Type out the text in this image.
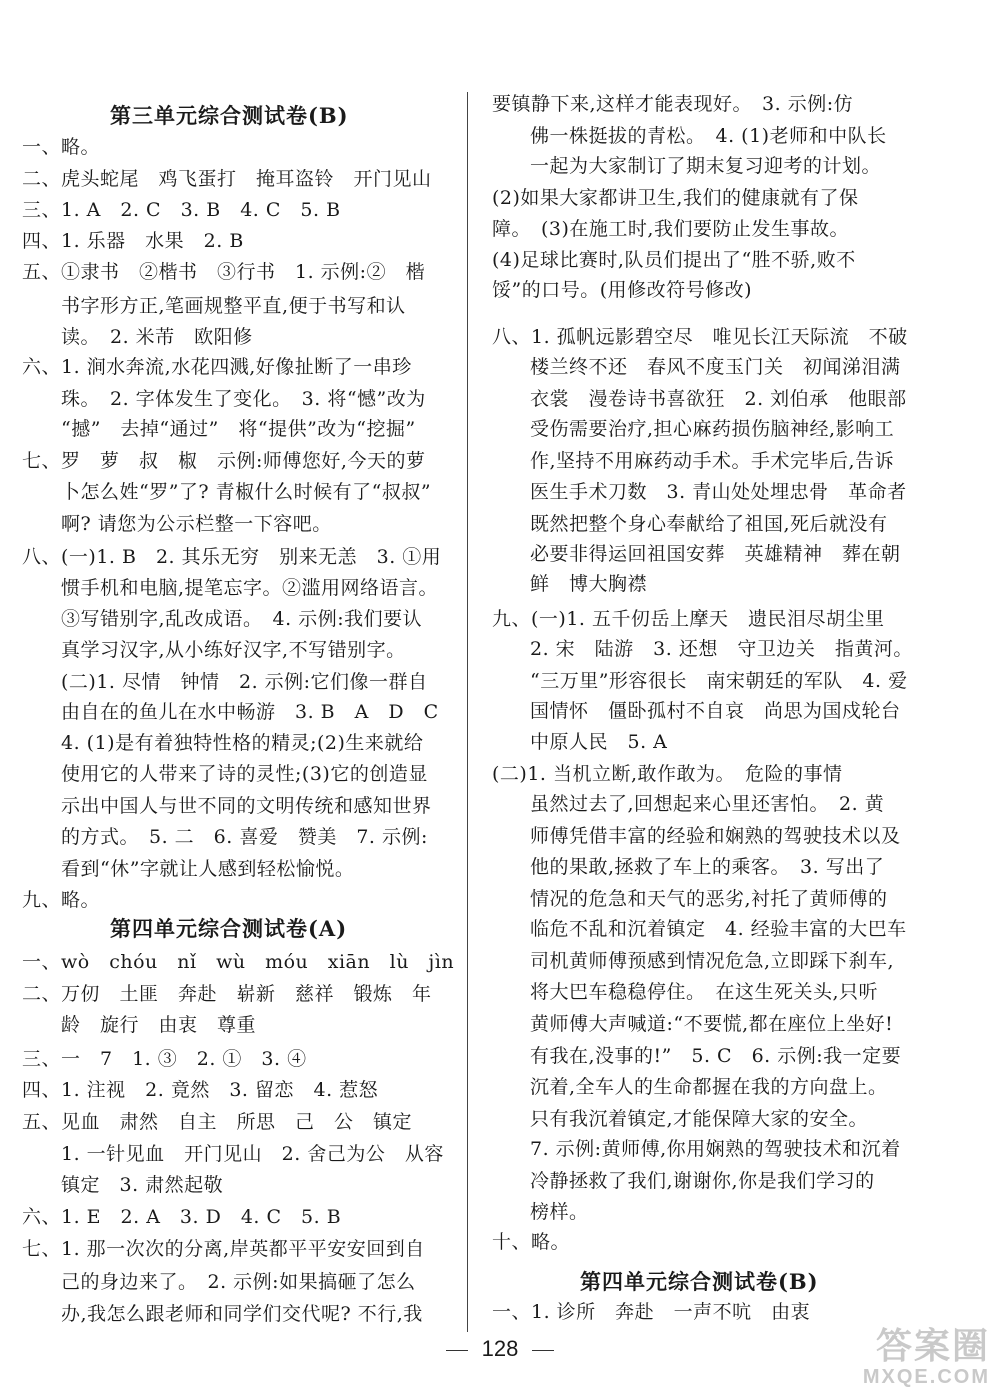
第三单元综合测试卷(B)
一、略。
二、虎头蛇尾　鸡飞蛋打　掩耳盗铃　开门见山
三、1. A　2. C　3. B　4. C　5. B
四、1. 乐器　水果　2. B
五、①隶书　②楷书　③行书　1. 示例:②　楷
　　书字形方正,笔画规整平直,便于书写和认
　　读。　2. 米芾　欧阳修
六、1. 涧水奔流,水花四溅,好像扯断了一串珍
　　珠。　2. 字体发生了变化。　3. 将“憾”改为
　　“撼”　去掉“通过”　将“提供”改为“挖掘”
七、罗　萝　叔　椒　示例:师傅您好,今天的萝
　　卜怎么姓“罗”了? 青椒什么时候有了“叔叔”
　　啊? 请您为公示栏整一下容吧。
八、(一)1. B　2. 其乐无穷　别来无恙　3. ①用
　　惯手机和电脑,提笔忘字。②滥用网络语言。
　　③写错别字,乱改成语。　4. 示例:我们要认
　　真学习汉字,从小练好汉字,不写错别字。
　　(二)1. 尽情　钟情　2. 示例:它们像一群自
　　由自在的鱼儿在水中畅游　3. B　A　D　C
　　4. (1)是有着独特性格的精灵;(2)生来就给
　　使用它的人带来了诗的灵性;(3)它的创造显
　　示出中国人与世不同的文明传统和感知世界
　　的方式。　5. 二　6. 喜爱　赞美　7. 示例:
　　看到“休”字就让人感到轻松愉悦。
九、略。
第四单元综合测试卷(A)
一、wò　chóu　nǐ　wù　móu　xiān　lù　jìn
二、万仞　土匪　奔赴　崭新　慈祥　锻炼　年
　　龄　旋行　由衷　尊重
三、一　7　1. ③　2. ①　3. ④
四、1. 注视　2. 竟然　3. 留恋　4. 惹怒
五、见血　肃然　自主　所思　己　公　镇定
　　1. 一针见血　开门见山　2. 舍己为公　从容
　　镇定　3. 肃然起敬
六、1. E　2. A　3. D　4. C　5. B
七、1. 那一次次的分离,岸英都平平安安回到自
　　己的身边来了。　2. 示例:如果搞砸了怎么
　　办,我怎么跟老师和同学们交代呢? 不行,我
要镇静下来,这样才能表现好。　3. 示例:仿
佛一株挺拔的青松。　4. (1)老师和中队长
一起为大家制订了期末复习迎考的计划。
(2)如果大家都讲卫生,我们的健康就有了保
障。　(3)在施工时,我们要防止发生事故。
(4)足球比赛时,队员们提出了“胜不骄,败不
馁”的口号。(用修改符号修改)
八、1. 孤帆远影碧空尽　唯见长江天际流　不破
楼兰终不还　春风不度玉门关　初闻涕泪满
衣裳　漫卷诗书喜欲狂　2. 刘伯承　他眼部
受伤需要治疗,担心麻药损伤脑神经,影响工
作,坚持不用麻药动手术。手术完毕后,告诉
医生手术刀数　3. 青山处处埋忠骨　革命者
既然把整个身心奉献给了祖国,死后就没有
必要非得运回祖国安葬　英雄精神　葬在朝
鲜　博大胸襟
九、(一)1. 五千仞岳上摩天　遗民泪尽胡尘里
2. 宋　陆游　3. 还想　守卫边关　指黄河。
“三万里”形容很长　南宋朝廷的军队　4. 爱
国情怀　僵卧孤村不自哀　尚思为国戍轮台
中原人民　5. A
(二)1. 当机立断,敢作敢为。　危险的事情
虽然过去了,回想起来心里还害怕。　2. 黄
师傅凭借丰富的经验和娴熟的驾驶技术以及
他的果敢,拯救了车上的乘客。　3. 写出了
情况的危急和天气的恶劣,衬托了黄师傅的
临危不乱和沉着镇定　4. 经验丰富的大巴车
司机黄师傅预感到情况危急,立即踩下刹车,
将大巴车稳稳停住。　在这生死关头,只听
黄师傅大声喊道:“不要慌,都在座位上坐好!
有我在,没事的!”　5. C　6. 示例:我一定要
沉着,全车人的生命都握在我的方向盘上。
只有我沉着镇定,才能保障大家的安全。
7. 示例:黄师傅,你用娴熟的驾驶技术和沉着
冷静拯救了我们,谢谢你,你是我们学习的
榜样。
十、略。
第四单元综合测试卷(B)
一、1. 诊所　奔赴　一声不吭　由衷
128	答案圈
MXQE.COM
